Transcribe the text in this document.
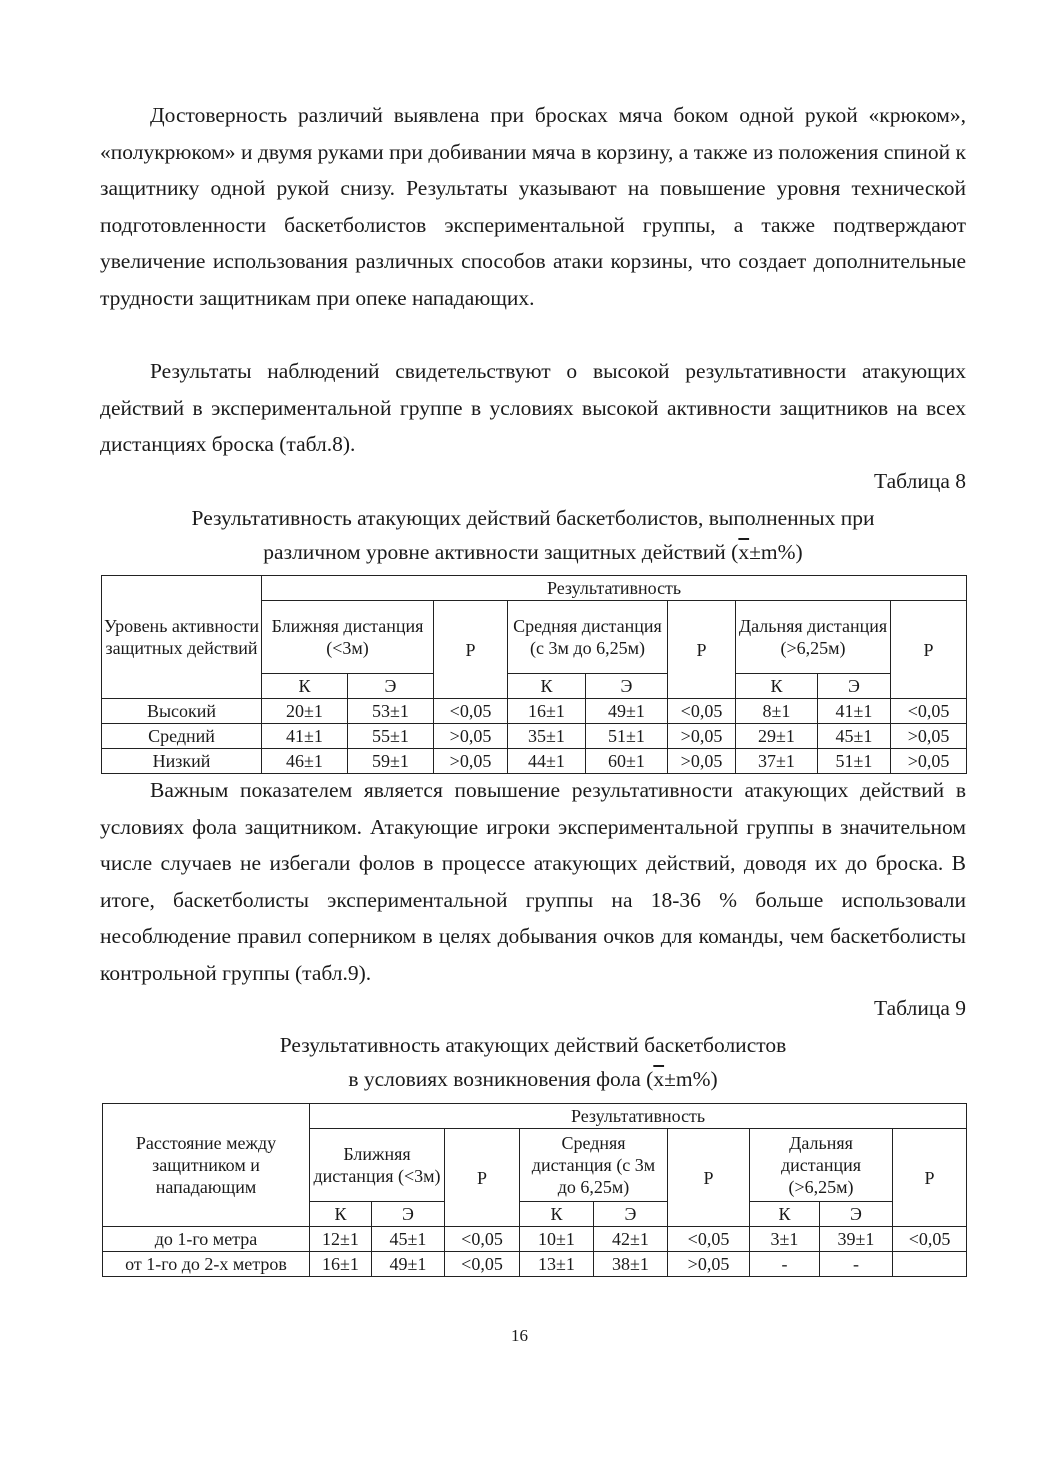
Достоверность различий выявлена при бросках мяча боком одной рукой «крюком», «полукрюком» и двумя руками при добивании мяча в корзину, а также из положения спиной к защитнику одной рукой снизу. Результаты указывают на повышение уровня технической подготовленности баскетболистов экспериментальной группы, а также подтверждают увеличение использования различных способов атаки корзины, что создает дополнительные трудности защитникам при опеке нападающих.

Результаты наблюдений свидетельствуют о высокой результативности атакующих действий в экспериментальной группе в условиях высокой активности защитников на всех дистанциях броска (табл.8).

Таблица 8

Результативность атакующих действий баскетболистов, выполненных при
различном уровне активности защитных действий $(\overline{x}\pm m\%)$
Уровень активности защитных действий	Результативность								
	Ближняя дистанция (<3м)		Р	Средняя дистанция (с 3м до 6,25м)		Р	Дальняя дистанция (>6,25м)		Р
	К	Э		К	Э		К	Э	
Высокий	20±1	53±1	<0,05	16±1	49±1	<0,05	8±1	41±1	<0,05
Средний	41±1	55±1	>0,05	35±1	51±1	>0,05	29±1	45±1	>0,05
Низкий	46±1	59±1	>0,05	44±1	60±1	>0,05	37±1	51±1	>0,05

Важным показателем является повышение результативности атакующих действий в условиях фола защитником. Атакующие игроки экспериментальной группы в значительном числе случаев не избегали фолов в процессе атакующих действий, доводя их до броска. В итоге, баскетболисты экспериментальной группы на 18-36 % больше использовали несоблюдение правил соперником в целях добывания очков для команды, чем баскетболисты контрольной группы (табл.9).

Таблица 9

Результативность атакующих действий баскетболистов
в условиях возникновения фола $(\overline{x}\pm m\%)$
Расстояние между защитником и нападающим	Результативность								
	Ближняя дистанция (<3м)		Р	Средняя дистанция (с 3м до 6,25м)		Р	Дальняя дистанция (>6,25м)		Р
	К	Э		К	Э		К	Э	
до 1-го метра	12±1	45±1	<0,05	10±1	42±1	<0,05	3±1	39±1	<0,05
от 1-го до 2-х метров	16±1	49±1	<0,05	13±1	38±1	>0,05	-	-	

16
